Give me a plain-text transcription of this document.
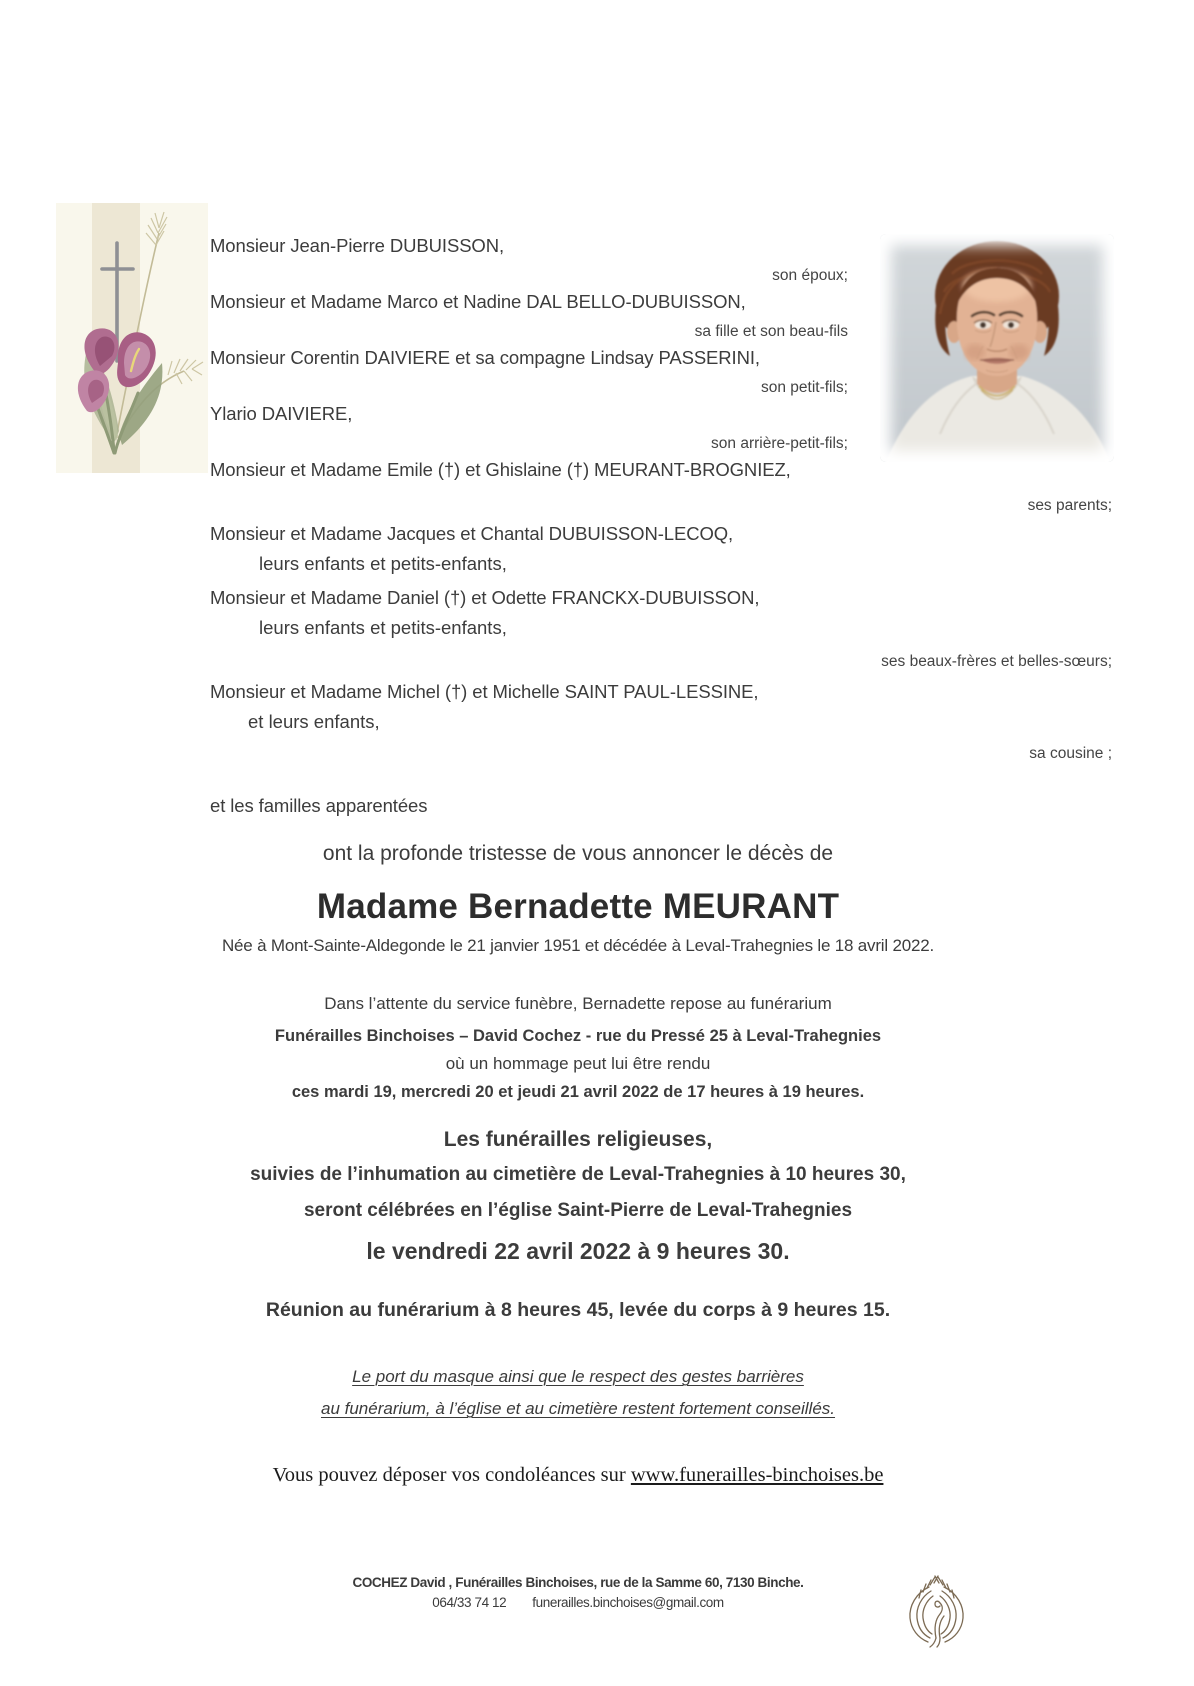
Monsieur Jean-Pierre DUBUISSON,
son époux;
Monsieur et Madame Marco et Nadine DAL BELLO-DUBUISSON,
sa fille et son beau-fils
Monsieur Corentin DAIVIERE et sa compagne Lindsay PASSERINI,
son petit-fils;
Ylario DAIVIERE,
son arrière-petit-fils;
Monsieur et Madame Emile (†) et Ghislaine (†) MEURANT-BROGNIEZ,
ses parents;
Monsieur et Madame Jacques et Chantal DUBUISSON-LECOQ,
leurs enfants et petits-enfants,
Monsieur et Madame Daniel (†) et Odette FRANCKX-DUBUISSON,
leurs enfants et petits-enfants,
ses beaux-frères et belles-sœurs;
Monsieur et Madame Michel (†) et Michelle SAINT PAUL-LESSINE,
et leurs enfants,
sa cousine ;
et les familles apparentées
ont la profonde tristesse de vous annoncer le décès de
Madame Bernadette MEURANT
Née à Mont-Sainte-Aldegonde le 21 janvier 1951 et décédée à Leval-Trahegnies le 18 avril 2022.
Dans l’attente du service funèbre, Bernadette repose au funérarium
Funérailles Binchoises – David Cochez - rue du Pressé 25 à Leval-Trahegnies
où un hommage peut lui être rendu
ces mardi 19, mercredi 20 et jeudi 21 avril 2022 de 17 heures à 19 heures.
Les funérailles religieuses,
suivies de l’inhumation au cimetière de Leval-Trahegnies à 10 heures 30,
seront célébrées en l’église Saint-Pierre de Leval-Trahegnies
le vendredi 22 avril 2022 à 9 heures 30.
Réunion au funérarium à 8 heures 45, levée du corps à 9 heures 15.
Le port du masque ainsi que le respect des gestes barrières
au funérarium, à l’église et au cimetière restent fortement conseillés.
Vous pouvez déposer vos condoléances sur www.funerailles-binchoises.be
COCHEZ David , Funérailles Binchoises, rue de la Samme 60, 7130 Binche.
064/33 74 12 funerailles.binchoises@gmail.com
